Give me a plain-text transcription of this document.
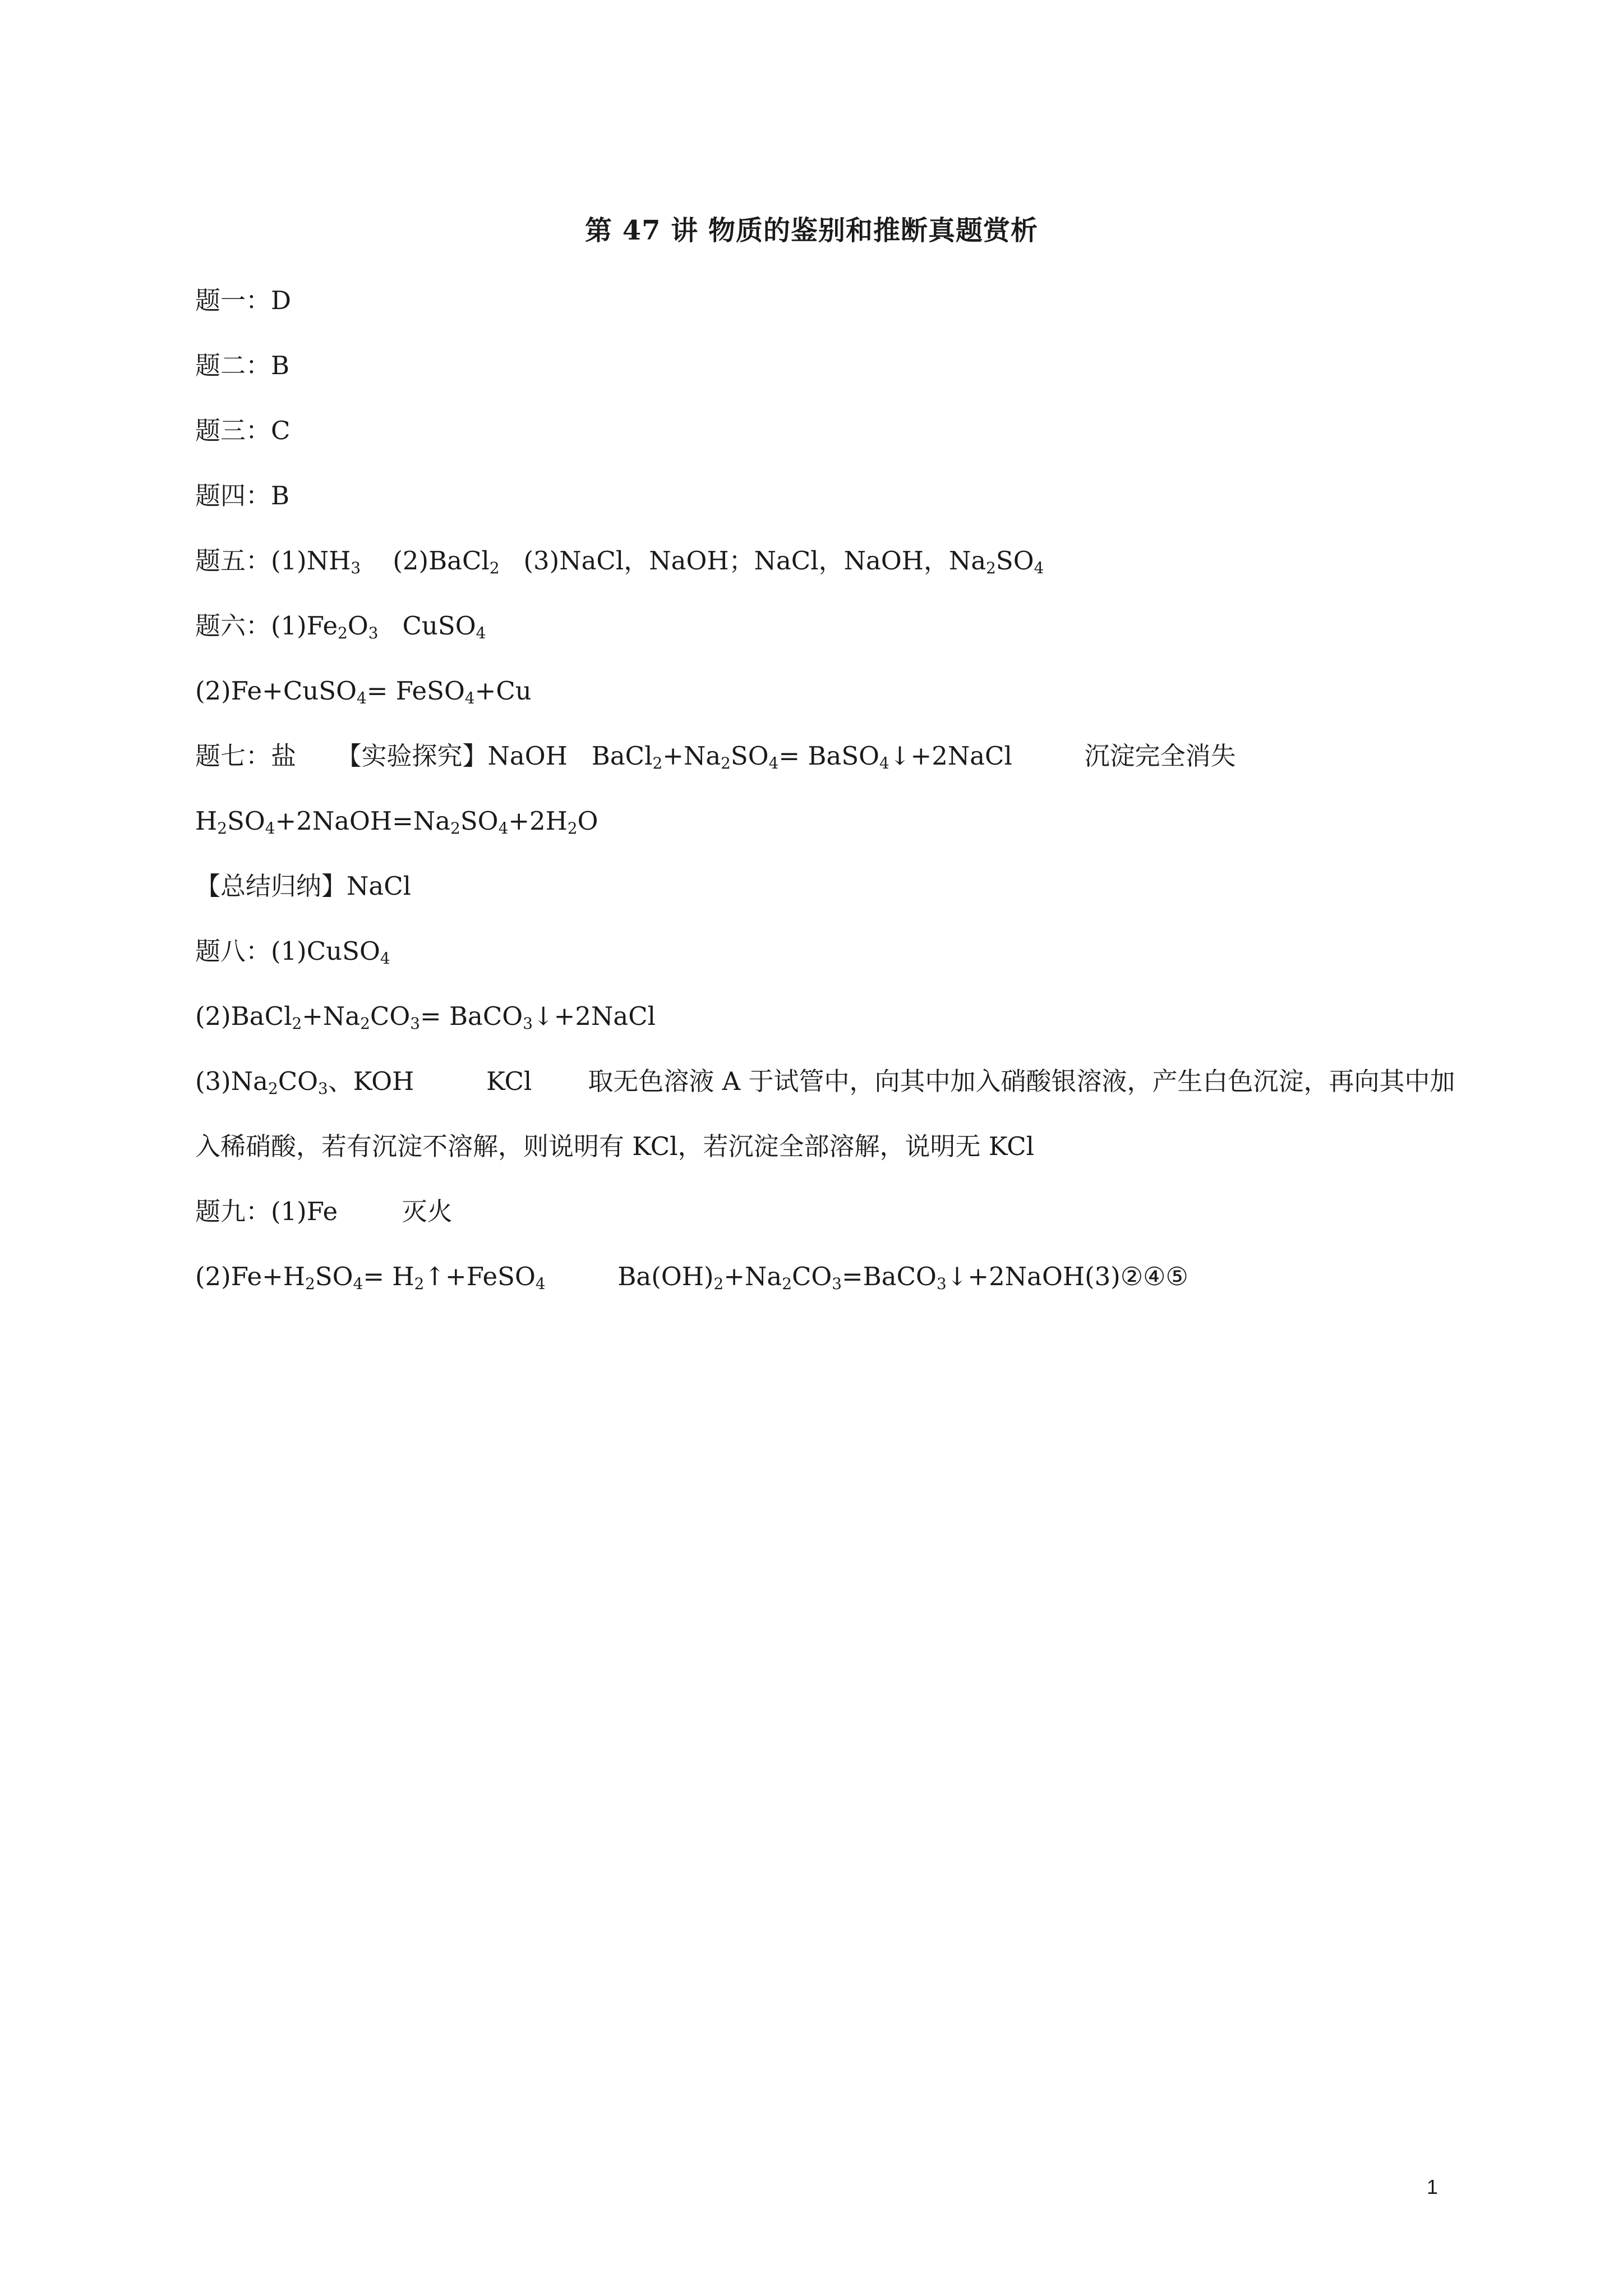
第 47 讲 物质的鉴别和推断真题赏析
题一：D
题二：B
题三：C
题四：B
题五：$(1)NH_3$    (2)BaCl$_2$   (3)NaCl，NaOH；NaCl，NaOH，$Na_2SO_4$
题六：$(1)Fe_2O_3$   CuSO$_4$
(2)Fe+CuSO$_4$= FeSO$_4$+Cu
题七：盐     【实验探究】NaOH   $BaCl_2+Na_2SO_4=$ BaSO$_4$↓+2NaCl         沉淀完全消失
$H_2SO_4+2NaOH=Na_2SO_4+2H_2O$
【总结归纳】NaCl
题八：(1)CuSO$_4$
$(2)BaCl_2+Na_2CO_3=$ BaCO$_3$↓+2NaCl
$(3)Na_2CO_3$、KOH         KCl       取无色溶液 A 于试管中，向其中加入硝酸银溶液，产生白色沉淀，再向其中加入稀硝酸，若有沉淀不溶解，则说明有 KCl，若沉淀全部溶解，说明无 KCl
题九：(1)Fe        灭火
$(2)Fe+H_2SO_4=$ $H_2↑+FeSO_4$         $Ba(OH)_2+Na_2CO_3=BaCO_3↓+2NaOH(3)②④⑤$
1
